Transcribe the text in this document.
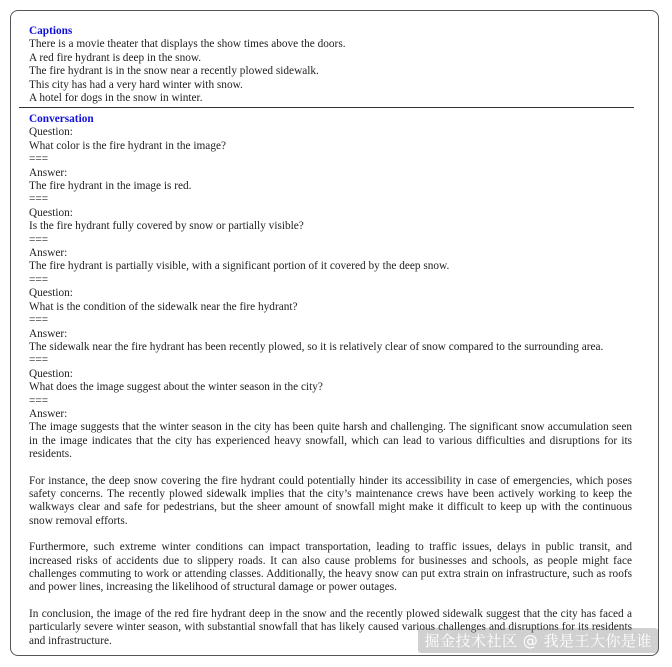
Captions

There is a movie theater that displays the show times above the doors.

A red fire hydrant is deep in the snow.

The fire hydrant is in the snow near a recently plowed sidewalk.

This city has had a very hard winter with snow.

A hotel for dogs in the snow in winter.

Conversation

Question:

What color is the fire hydrant in the image?

===

Answer:

The fire hydrant in the image is red.

===

Question:

Is the fire hydrant fully covered by snow or partially visible?

===

Answer:

The fire hydrant is partially visible, with a significant portion of it covered by the deep snow.

===

Question:

What is the condition of the sidewalk near the fire hydrant?

===

Answer:

The sidewalk near the fire hydrant has been recently plowed, so it is relatively clear of snow compared to the surrounding area.

===

Question:

What does the image suggest about the winter season in the city?

===

Answer:

The image suggests that the winter season in the city has been quite harsh and challenging. The significant snow accumulation seen in the image indicates that the city has experienced heavy snowfall, which can lead to various difficulties and disruptions for its residents.

For instance, the deep snow covering the fire hydrant could potentially hinder its accessibility in case of emergencies, which poses safety concerns. The recently plowed sidewalk implies that the city’s maintenance crews have been actively working to keep the walkways clear and safe for pedestrians, but the sheer amount of snowfall might make it difficult to keep up with the continuous snow removal efforts.

Furthermore, such extreme winter conditions can impact transportation, leading to traffic issues, delays in public transit, and increased risks of accidents due to slippery roads. It can also cause problems for businesses and schools, as people might face challenges commuting to work or attending classes. Additionally, the heavy snow can put extra strain on infrastructure, such as roofs and power lines, increasing the likelihood of structural damage or power outages.

In conclusion, the image of the red fire hydrant deep in the snow and the recently plowed sidewalk suggest that the city has faced a particularly severe winter season, with substantial snowfall that has likely caused various challenges and disruptions for its residents and infrastructure.	掘金技术社区 @ 我是王大你是谁
